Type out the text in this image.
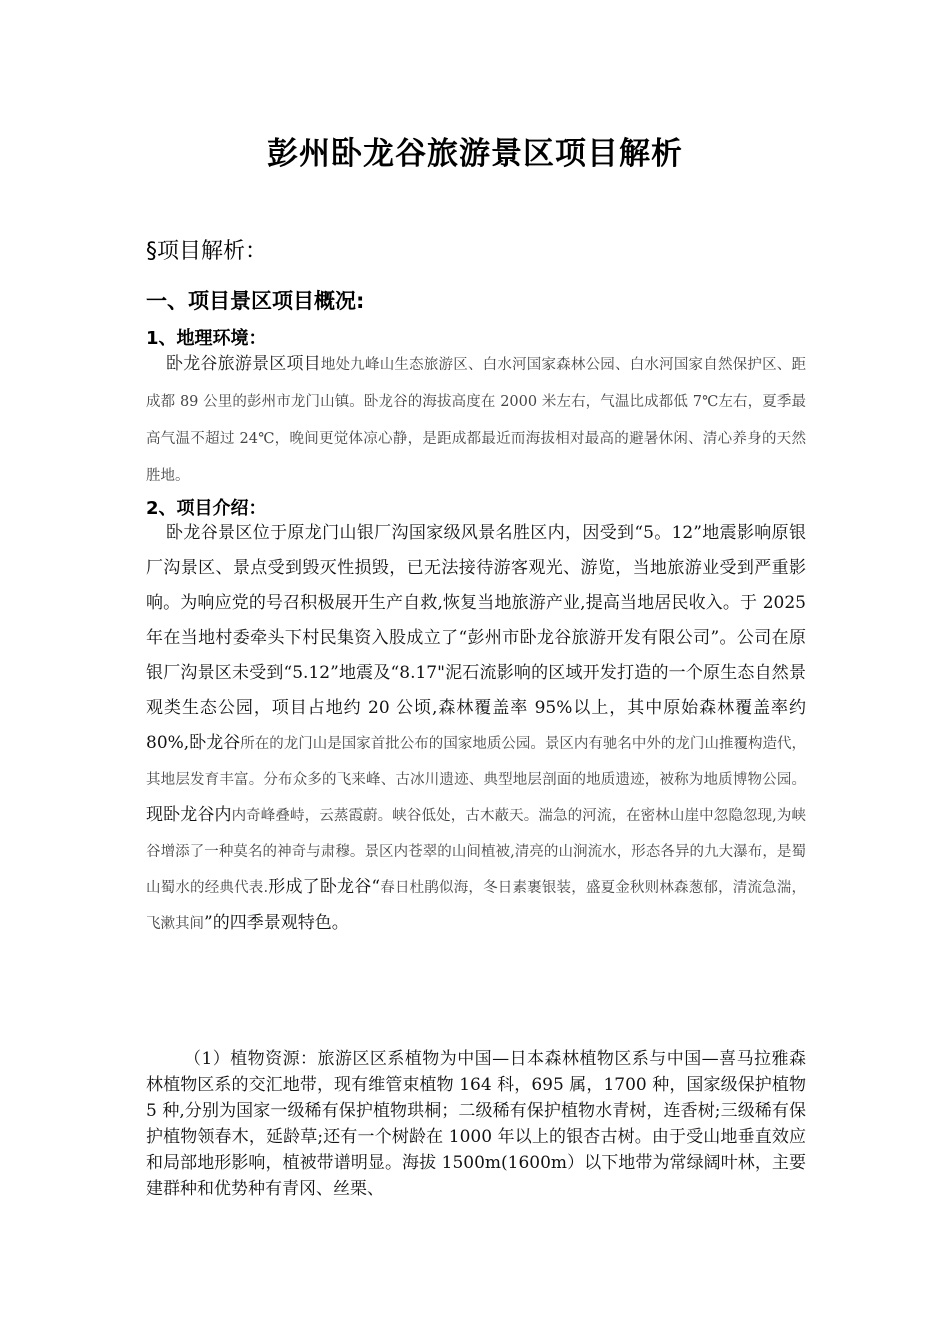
彭州卧龙谷旅游景区项目解析
§项目解析：
一、项目景区项目概况:
1、地理环境：
卧龙谷旅游景区项目地处九峰山生态旅游区、白水河国家森林公园、白水河国家自然保护区、距成都 89 公里的彭州市龙门山镇。卧龙谷的海拔高度在 2000 米左右，气温比成都低 7℃左右，夏季最高气温不超过 24℃，晚间更觉体凉心静，是距成都最近而海拔相对最高的避暑休闲、清心养身的天然胜地。
2、项目介绍：
卧龙谷景区位于原龙门山银厂沟国家级风景名胜区内，因受到“5。12”地震影响原银厂沟景区、景点受到毁灭性损毁，已无法接待游客观光、游览，当地旅游业受到严重影响。为响应党的号召积极展开生产自救,恢复当地旅游产业,提高当地居民收入。于 2025 年在当地村委牵头下村民集资入股成立了“彭州市卧龙谷旅游开发有限公司”。公司在原银厂沟景区未受到“5.12”地震及“8.17"泥石流影响的区域开发打造的一个原生态自然景观类生态公园，项目占地约 20 公顷,森林覆盖率 95%以上，其中原始森林覆盖率约 80%,卧龙谷所在的龙门山是国家首批公布的国家地质公园。景区内有驰名中外的龙门山推覆构造代，其地层发育丰富。分布众多的飞来峰、古冰川遗迹、典型地层剖面的地质遗迹，被称为地质博物公园。现卧龙谷内内奇峰叠峙，云蒸霞蔚。峡谷低处，古木蔽天。湍急的河流，在密林山崖中忽隐忽现,为峡谷增添了一种莫名的神奇与肃穆。景区内苍翠的山间植被,清亮的山涧流水，形态各异的九大瀑布，是蜀山蜀水的经典代表.形成了卧龙谷“春日杜鹃似海，冬日素裹银装，盛夏金秋则林森葱郁，清流急湍，飞漱其间”的四季景观特色。
（1）植物资源：旅游区区系植物为中国—日本森林植物区系与中国—喜马拉雅森林植物区系的交汇地带，现有维管束植物 164 科，695 属，1700 种，国家级保护植物 5 种,分别为国家一级稀有保护植物珙桐；二级稀有保护植物水青树，连香树;三级稀有保护植物领春木，延龄草;还有一个树龄在 1000 年以上的银杏古树。由于受山地垂直效应和局部地形影响，植被带谱明显。海拔 1500m(1600m）以下地带为常绿阔叶林，主要建群种和优势种有青冈、丝栗、
